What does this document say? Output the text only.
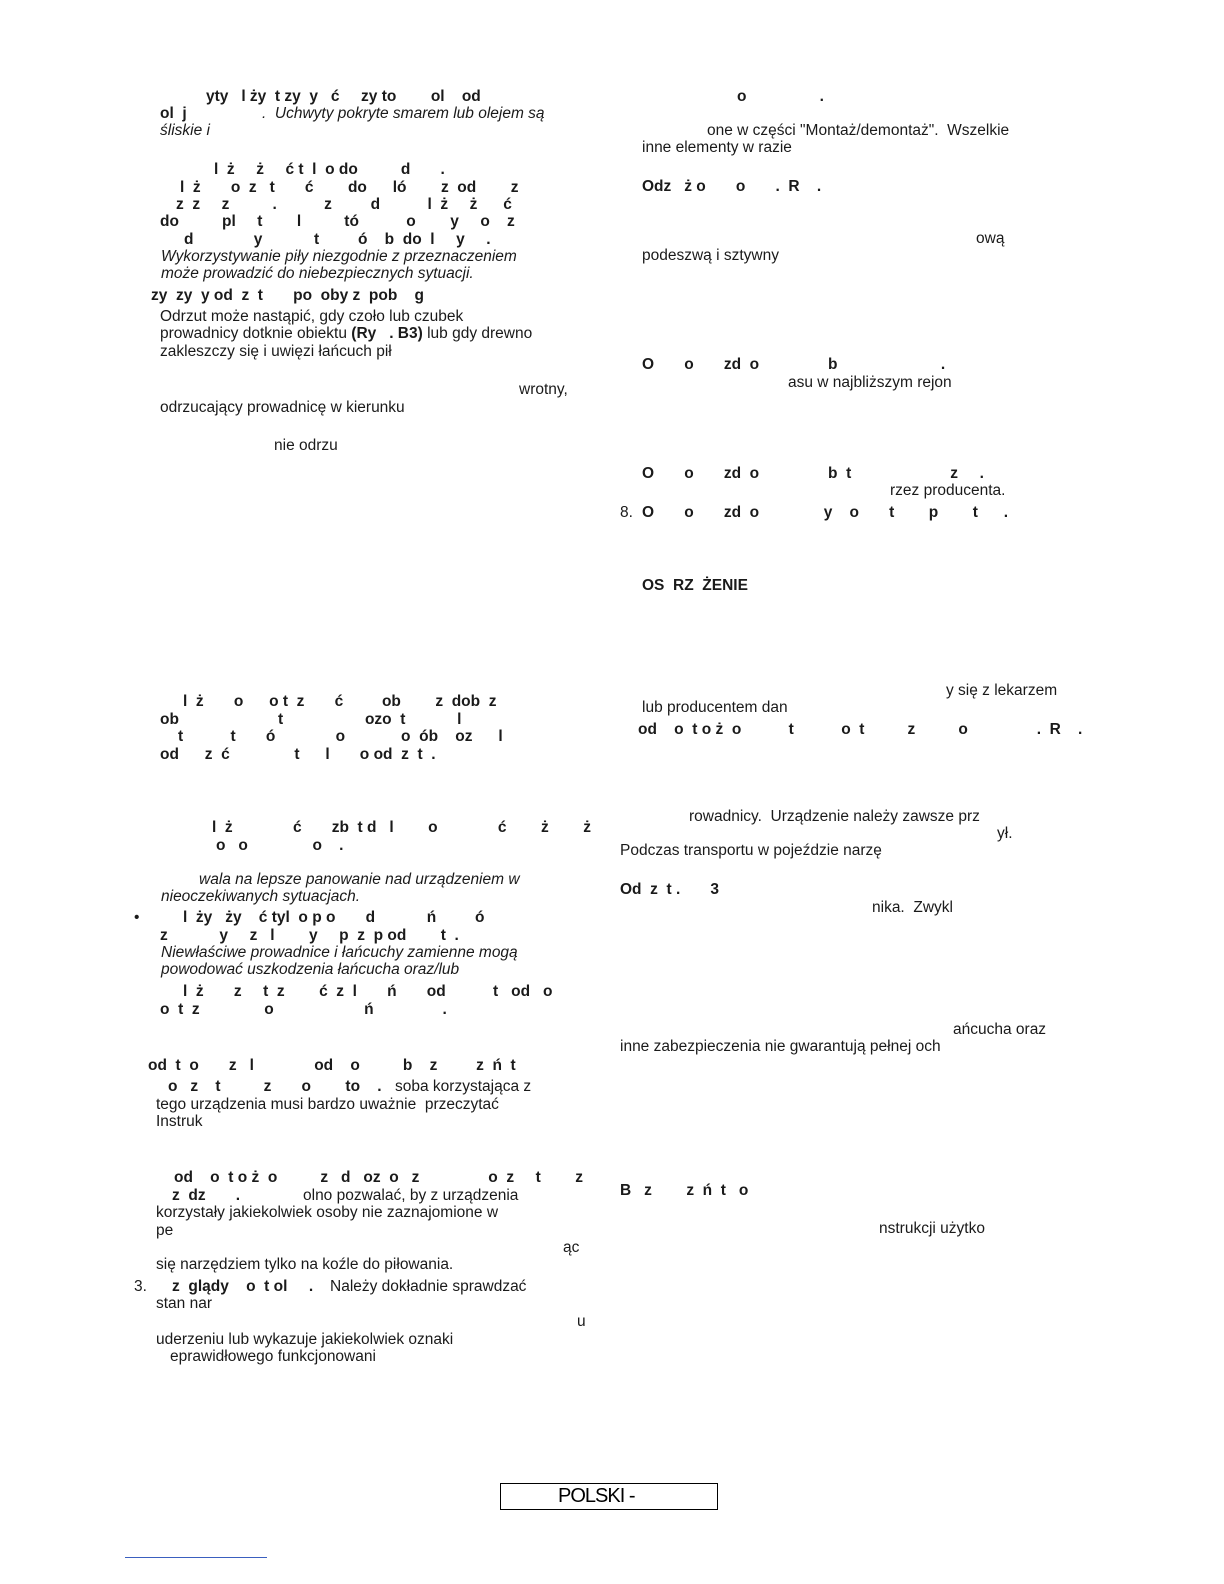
yty   l ży  t zy  y   ć     zy to        ol    od
ol  j	.  Uchwyty pokryte smarem lub olejem są
śliskie i
l  ż     ż     ć t  l  o do          d       .
l  ż       o  z   t       ć        do      ló        z  od        z
z  z     z          .           z         d           l  ż     ż      ć
do          pl     t        l          tó           o        y     o    z
d              y            t         ó    b  do  l     y     .
Wykorzystywanie piły niezgodnie z przeznaczeniem
może prowadzić do niebezpiecznych sytuacji.
zy  zy  y od  z  t       po  oby z  pob    g
Odrzut może nastąpić, gdy czoło lub czubek
prowadnicy dotknie obiektu (Ry   . B3) lub gdy drewno
zakleszczy się i uwięzi łańcuch pił
wrotny,
odrzucający prowadnicę w kierunku
nie odrzu
l  ż       o      o t  z       ć         ob        z  dob  z
ob                       t                   ozo  t            l
t           t       ó              o             o  ób    oz      l
od      z  ć               t      l       o od  z  t  .
l  ż              ć       zb  t d   l        o              ć        ż        ż
o   o               o    .
wala na lepsze panowanie nad urządzeniem w
nieoczekiwanych sytuacjach.
•	l  ży   ży    ć tyl  o p o       d            ń         ó
z            y     z   l        y     p  z  p od        t  .
Niewłaściwe prowadnice i łańcuchy zamienne mogą
powodować uszkodzenia łańcucha oraz/lub
l  ż       z     t  z        ć  z  l       ń       od           t   od   o
o  t  z               o                     ń                .
od  t  o       z   l              od    o          b    z         z  ń  t
o   z    t          z       o        to    . soba korzystająca z
tego urządzenia musi bardzo uważnie  przeczytać
Instruk
od    o  t o ż  o          z   d   oz  o   z                o  z     t        z
z  dz       .	olno pozwalać, by z urządzenia
korzystały jakiekolwiek osoby nie zaznajomione w
pe
ąc
się narzędziem tylko na koźle do piłowania.
3. z  glądy    o  t ol     . Należy dokładnie sprawdzać
stan nar
u
uderzeniu lub wykazuje jakiekolwiek oznaki
eprawidłowego funkcjonowani
o                 .
one w części "Montaż/demontaż".  Wszelkie
inne elementy w razie
Odz   ż o       o       .  R    .
ową
podeszwą i sztywny
O       o       zd  o                b                        .
asu w najbliższym rejon
O       o       zd  o                b  t                       z     .
rzez producenta.
8. O       o       zd  o               y    o       t        p        t      .
OS  RZ  ŻENIE
y się z lekarzem
lub producentem dan
od    o  t o ż  o           t           o  t          z          o                .  R    .
rowadnicy.  Urządzenie należy zawsze prz
ył.
Podczas transportu w pojeździe narzę
Od  z  t .       3
nika.  Zwykl
ańcucha oraz
inne zabezpieczenia nie gwarantują pełnej och
B   z        z  ń  t   o
nstrukcji użytko
POLSKI -
